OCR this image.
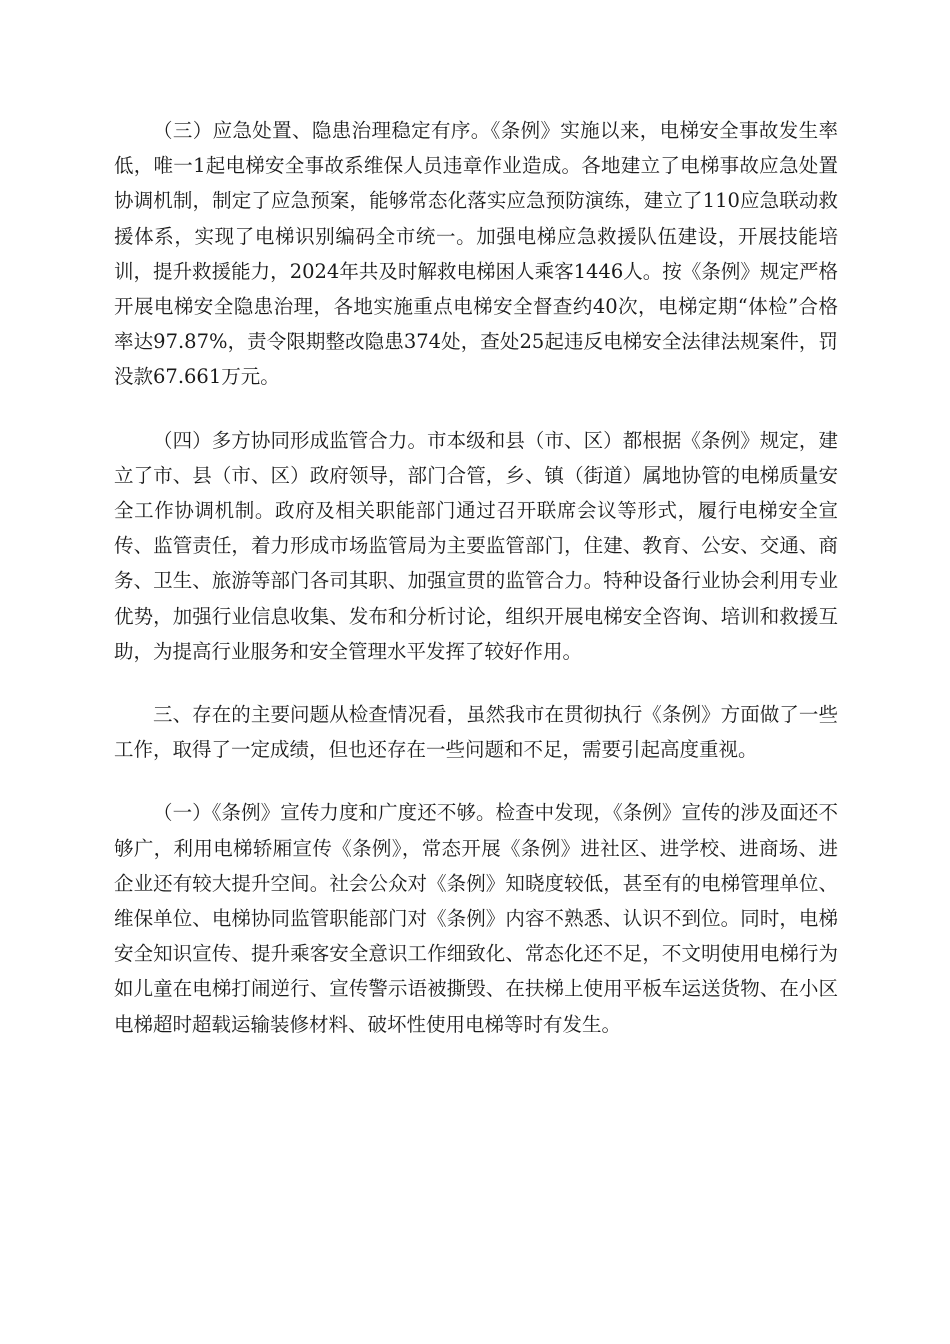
（三）应急处置、隐患治理稳定有序。《条例》实施以来，电梯安全事故发生率低，唯一1起电梯安全事故系维保人员违章作业造成。各地建立了电梯事故应急处置协调机制，制定了应急预案，能够常态化落实应急预防演练，建立了110应急联动救援体系，实现了电梯识别编码全市统一。加强电梯应急救援队伍建设，开展技能培训，提升救援能力，2024年共及时解救电梯困人乘客1446人。按《条例》规定严格开展电梯安全隐患治理，各地实施重点电梯安全督查约40次，电梯定期“体检”合格率达97.87%，责令限期整改隐患374处，查处25起违反电梯安全法律法规案件，罚没款67.661万元。

（四）多方协同形成监管合力。市本级和县（市、区）都根据《条例》规定，建立了市、县（市、区）政府领导，部门合管，乡、镇（街道）属地协管的电梯质量安全工作协调机制。政府及相关职能部门通过召开联席会议等形式，履行电梯安全宣传、监管责任，着力形成市场监管局为主要监管部门，住建、教育、公安、交通、商务、卫生、旅游等部门各司其职、加强宣贯的监管合力。特种设备行业协会利用专业优势，加强行业信息收集、发布和分析讨论，组织开展电梯安全咨询、培训和救援互助，为提高行业服务和安全管理水平发挥了较好作用。

三、存在的主要问题从检查情况看，虽然我市在贯彻执行《条例》方面做了一些工作，取得了一定成绩，但也还存在一些问题和不足，需要引起高度重视。

（一）《条例》宣传力度和广度还不够。检查中发现，《条例》宣传的涉及面还不够广，利用电梯轿厢宣传《条例》，常态开展《条例》进社区、进学校、进商场、进企业还有较大提升空间。社会公众对《条例》知晓度较低，甚至有的电梯管理单位、维保单位、电梯协同监管职能部门对《条例》内容不熟悉、认识不到位。同时，电梯安全知识宣传、提升乘客安全意识工作细致化、常态化还不足，不文明使用电梯行为如儿童在电梯打闹逆行、宣传警示语被撕毁、在扶梯上使用平板车运送货物、在小区电梯超时超载运输装修材料、破坏性使用电梯等时有发生。
